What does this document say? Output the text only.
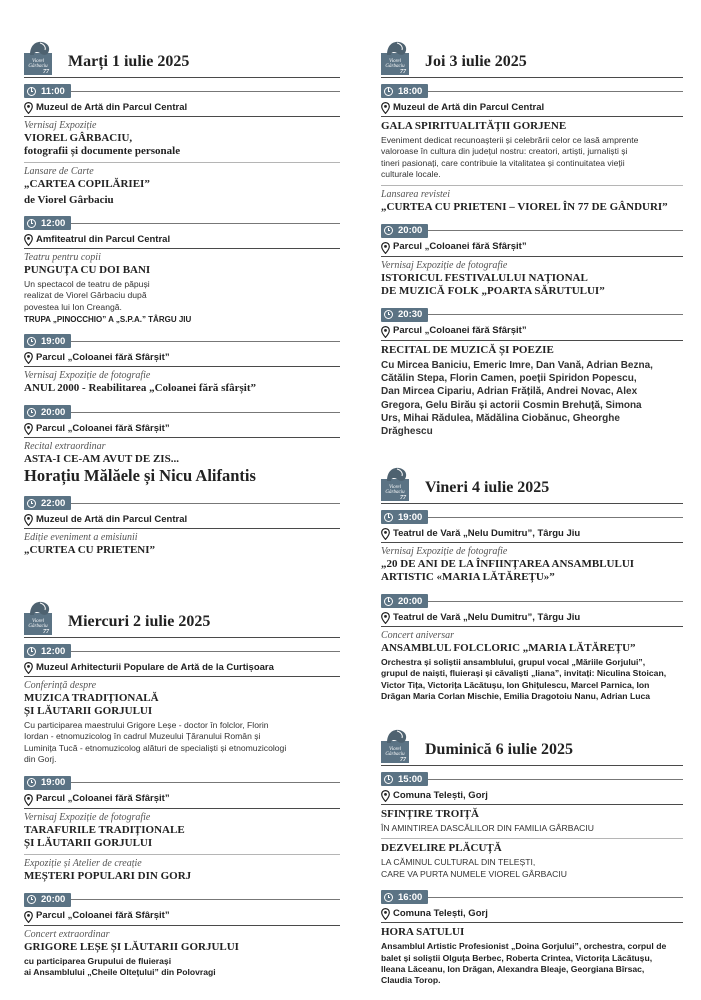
Viorel
Gârbaciu
77
Marți 1 iulie 2025
11:00
Muzeul de Artă din Parcul Central
Vernisaj Expoziție
VIOREL GÂRBACIU,
fotografii și documente personale
Lansare de Carte
„CARTEA COPILĂRIEI”
de Viorel Gârbaciu
12:00
Amfiteatrul din Parcul Central
Teatru pentru copii
PUNGUȚA CU DOI BANI
Un spectacol de teatru de păpuși
realizat de Viorel Gârbaciu după
povestea lui Ion Creangă.
TRUPA „PINOCCHIO” A „S.P.A.” TÂRGU JIU
19:00
Parcul „Coloanei fără Sfârșit”
Vernisaj Expoziție de fotografie
ANUL 2000 - Reabilitarea „Coloanei fără sfârșit”
20:00
Parcul „Coloanei fără Sfârșit”
Recital extraordinar
ASTA-I CE-AM AVUT DE ZIS...
Horațiu Mălăele și Nicu Alifantis
22:00
Muzeul de Artă din Parcul Central
Ediție eveniment a emisiunii
„CURTEA CU PRIETENI”
Viorel
Gârbaciu
77
Miercuri 2 iulie 2025
12:00
Muzeul Arhitecturii Populare de Artă de la Curtișoara
Conferință despre
MUZICA TRADIȚIONALĂ
ȘI LĂUTARII GORJULUI
Cu participarea maestrului Grigore Leșe - doctor în folclor, Florin
Iordan - etnomuzicolog în cadrul Muzeului Țăranului Român și
Luminița Tucă - etnomuzicolog alături de specialiști și etnomuzicologi
din Gorj.
19:00
Parcul „Coloanei fără Sfârșit”
Vernisaj Expoziție de fotografie
TARAFURILE TRADIȚIONALE
ȘI LĂUTARII GORJULUI
Expoziție și Atelier de creație
MEȘTERI POPULARI DIN GORJ
20:00
Parcul „Coloanei fără Sfârșit”
Concert extraordinar
GRIGORE LEȘE ȘI LĂUTARII GORJULUI
cu participarea Grupului de fluierași
ai Ansamblului „Cheile Olteţului” din Polovragi
Viorel
Gârbaciu
77
Joi 3 iulie 2025
18:00
Muzeul de Artă din Parcul Central
GALA SPIRITUALITĂȚII GORJENE
Eveniment dedicat recunoașterii și celebrării celor ce lasă amprente
valoroase în cultura din județul nostru: creatori, artiști, jurnaliști și
tineri pasionați, care contribuie la vitalitatea și continuitatea vieții
culturale locale.
Lansarea revistei
„CURTEA CU PRIETENI – VIOREL ÎN 77 DE GÂNDURI”
20:00
Parcul „Coloanei fără Sfârșit”
Vernisaj Expoziție de fotografie
ISTORICUL FESTIVALULUI NAȚIONAL
DE MUZICĂ FOLK „POARTA SĂRUTULUI”
20:30
Parcul „Coloanei fără Sfârșit”
RECITAL DE MUZICĂ ȘI POEZIE
Cu Mircea Baniciu, Emeric Imre, Dan Vană, Adrian Bezna,
Cătălin Stepa, Florin Camen, poeții Spiridon Popescu,
Dan Mircea Cipariu, Adrian Frățilă, Andrei Novac, Alex
Gregora, Gelu Birău și actorii Cosmin Brehuță, Simona
Urs, Mihai Rădulea, Mădălina Ciobănuc, Gheorghe
Drăghescu
Viorel
Gârbaciu
77
Vineri 4 iulie 2025
19:00
Teatrul de Vară „Nelu Dumitru”, Târgu Jiu
Vernisaj Expoziție de fotografie
„20 DE ANI DE LA ÎNFIINȚAREA ANSAMBLULUI
ARTISTIC «MARIA LĂTĂREȚU»”
20:00
Teatrul de Vară „Nelu Dumitru”, Târgu Jiu
Concert aniversar
ANSAMBLUL FOLCLORIC „MARIA LĂTĂREȚU”
Orchestra și soliștii ansamblului, grupul vocal „Măriile Gorjului”,
grupul de naiști, fluierași și căvaliști „Iiana”, invitați: Niculina Stoican,
Victor Tița, Victorița Lăcătușu, Ion Ghițulescu, Marcel Parnica, Ion
Drăgan Maria Corlan Mischie, Emilia Dragotoiu Nanu, Adrian Luca
Viorel
Gârbaciu
77
Duminică 6 iulie 2025
15:00
Comuna Telești, Gorj
SFINȚIRE TROIȚĂ
ÎN AMINTIREA DASCĂLILOR DIN FAMILIA GÂRBACIU
DEZVELIRE PLĂCUȚĂ
LA CĂMINUL CULTURAL DIN TELEȘTI,
CARE VA PURTA NUMELE VIOREL GÂRBACIU
16:00
Comuna Telești, Gorj
HORA SATULUI
Ansamblul Artistic Profesionist „Doina Gorjului”, orchestra, corpul de
balet și soliștii Olguța Berbec, Roberta Crintea, Victorița Lăcătușu,
Ileana Lăceanu, Ion Drăgan, Alexandra Bleaje, Georgiana Bîrsac,
Claudia Torop.
